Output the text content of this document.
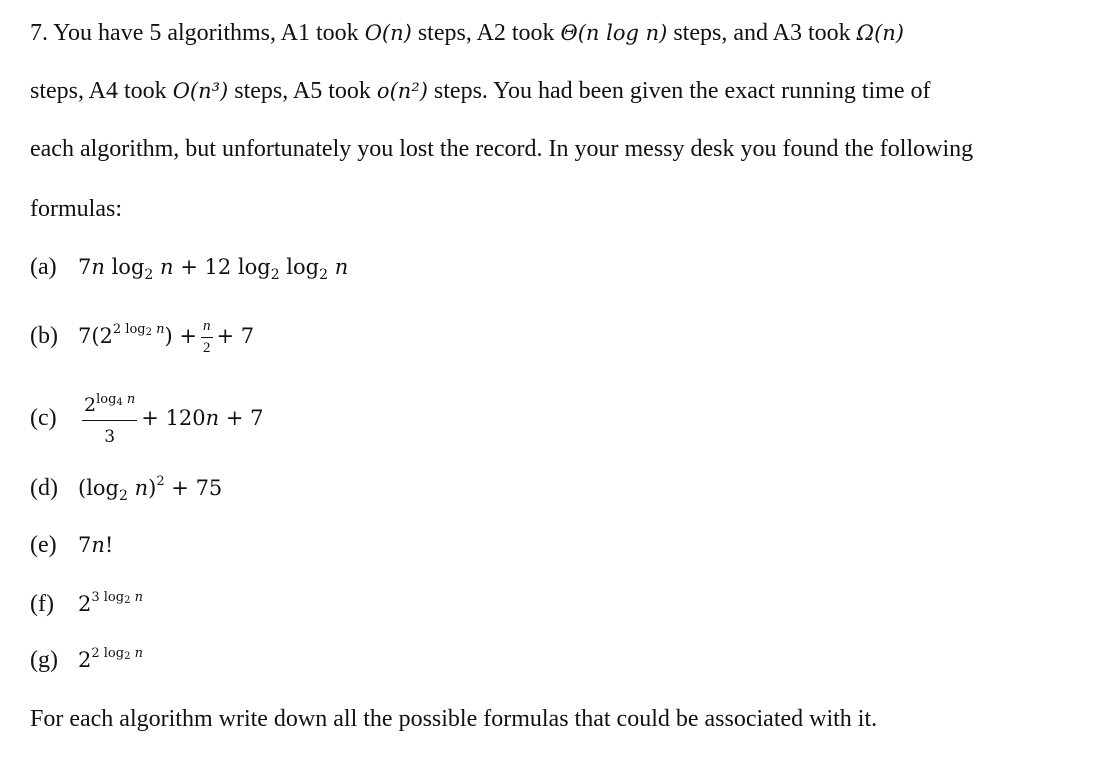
7. You have 5 algorithms, A1 took O(n) steps, A2 took Θ(n log n) steps, and A3 took Ω(n)
steps, A4 took O(n³) steps, A5 took o(n²) steps. You had been given the exact running time of
each algorithm, but unfortunately you lost the record. In your messy desk you found the following
formulas:
(a) 7n $\log_2 n + 12$ $\log_2 \log_2 n$
(b) $7(2^{2 log2 n}) + \frac{n}{2} + 7$
$(c) \frac{2^{log4 n}}{3} + 120n + 7$
(d) ($\log_2$ n)$^2$ + 75
(e) 7n!
(f) $2^{3 log2 n}$
(g) $2^{2 log2 n}$
For each algorithm write down all the possible formulas that could be associated with it.
